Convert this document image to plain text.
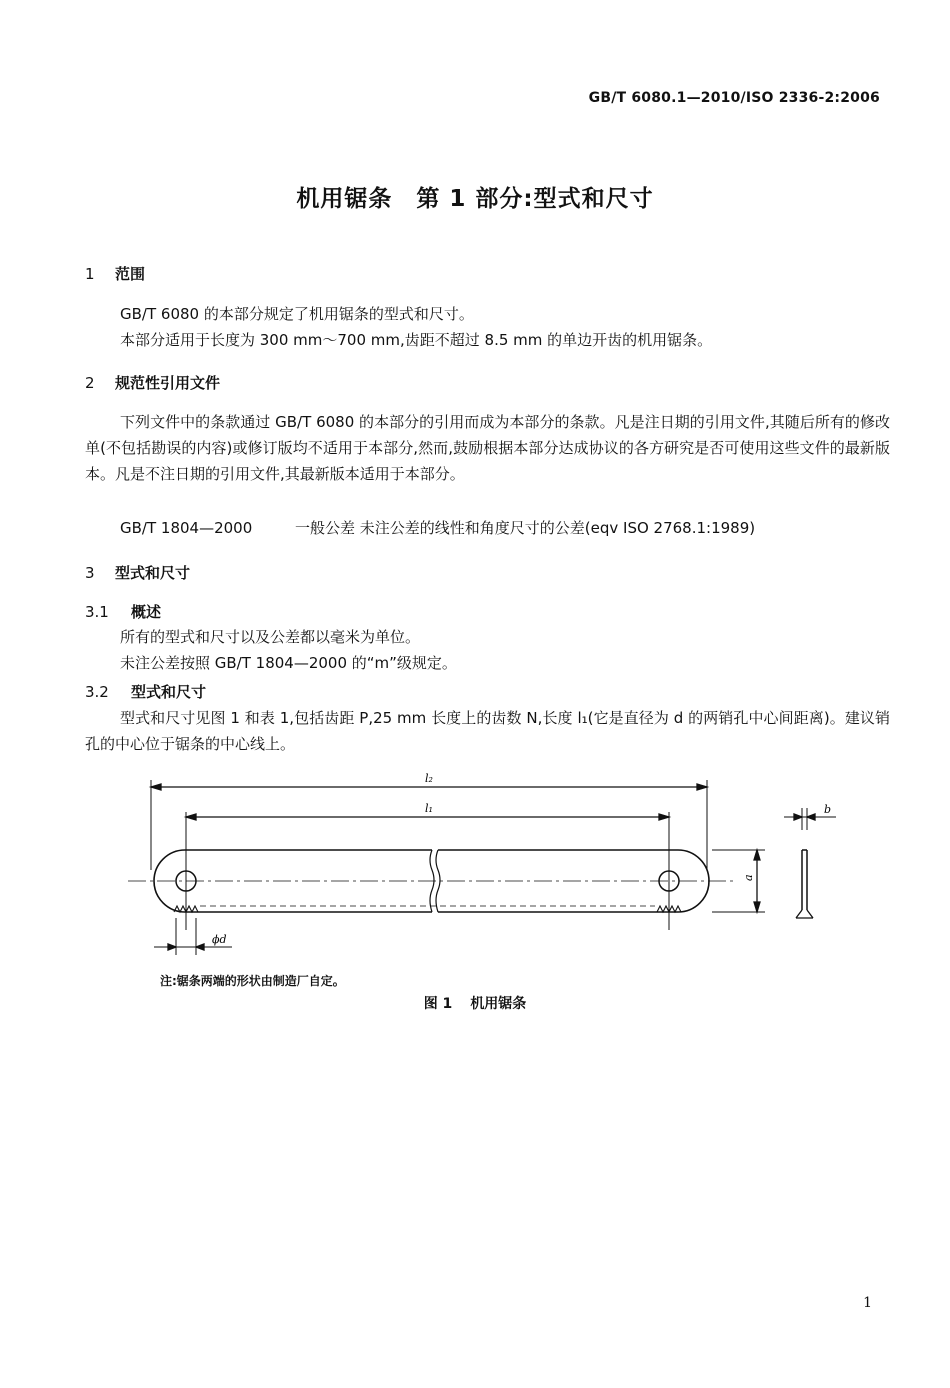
GB/T 6080.1—2010/ISO 2336-2:2006
机用锯条　第 1 部分:型式和尺寸
1 范围
GB/T 6080 的本部分规定了机用锯条的型式和尺寸。
本部分适用于长度为 300 mm～700 mm,齿距不超过 8.5 mm 的单边开齿的机用锯条。
2 规范性引用文件
下列文件中的条款通过 GB/T 6080 的本部分的引用而成为本部分的条款。凡是注日期的引用文件,其随后所有的修改单(不包括勘误的内容)或修订版均不适用于本部分,然而,鼓励根据本部分达成协议的各方研究是否可使用这些文件的最新版本。凡是不注日期的引用文件,其最新版本适用于本部分。
GB/T 1804—2000	一般公差 未注公差的线性和角度尺寸的公差(eqv ISO 2768.1:1989)
3 型式和尺寸
3.1 概述
所有的型式和尺寸以及公差都以毫米为单位。
未注公差按照 GB/T 1804—2000 的“m”级规定。
3.2 型式和尺寸
型式和尺寸见图 1 和表 1,包括齿距 P,25 mm 长度上的齿数 N,长度 l₁(它是直径为 d 的两销孔中心间距离)。建议销孔的中心位于锯条的中心线上。
l₂
l₁
a
b
ϕd
注:锯条两端的形状由制造厂自定。
图 1 机用锯条
1
